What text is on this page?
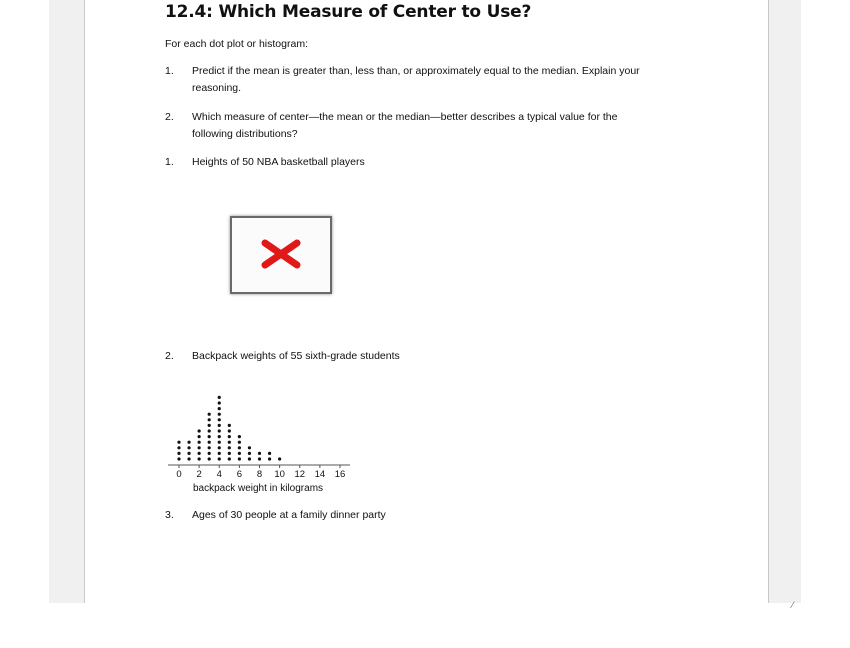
12.4: Which Measure of Center to Use?
For each dot plot or histogram:
1. Predict if the mean is greater than, less than, or approximately equal to the median. Explain your
reasoning.
2. Which measure of center—the mean or the median—better describes a typical value for the
following distributions?
1. Heights of 50 NBA basketball players
2. Backpack weights of 55 sixth-grade students
0 2 4 6 8 10 12 14 16
backpack weight in kilograms
3. Ages of 30 people at a family dinner party
⁄
